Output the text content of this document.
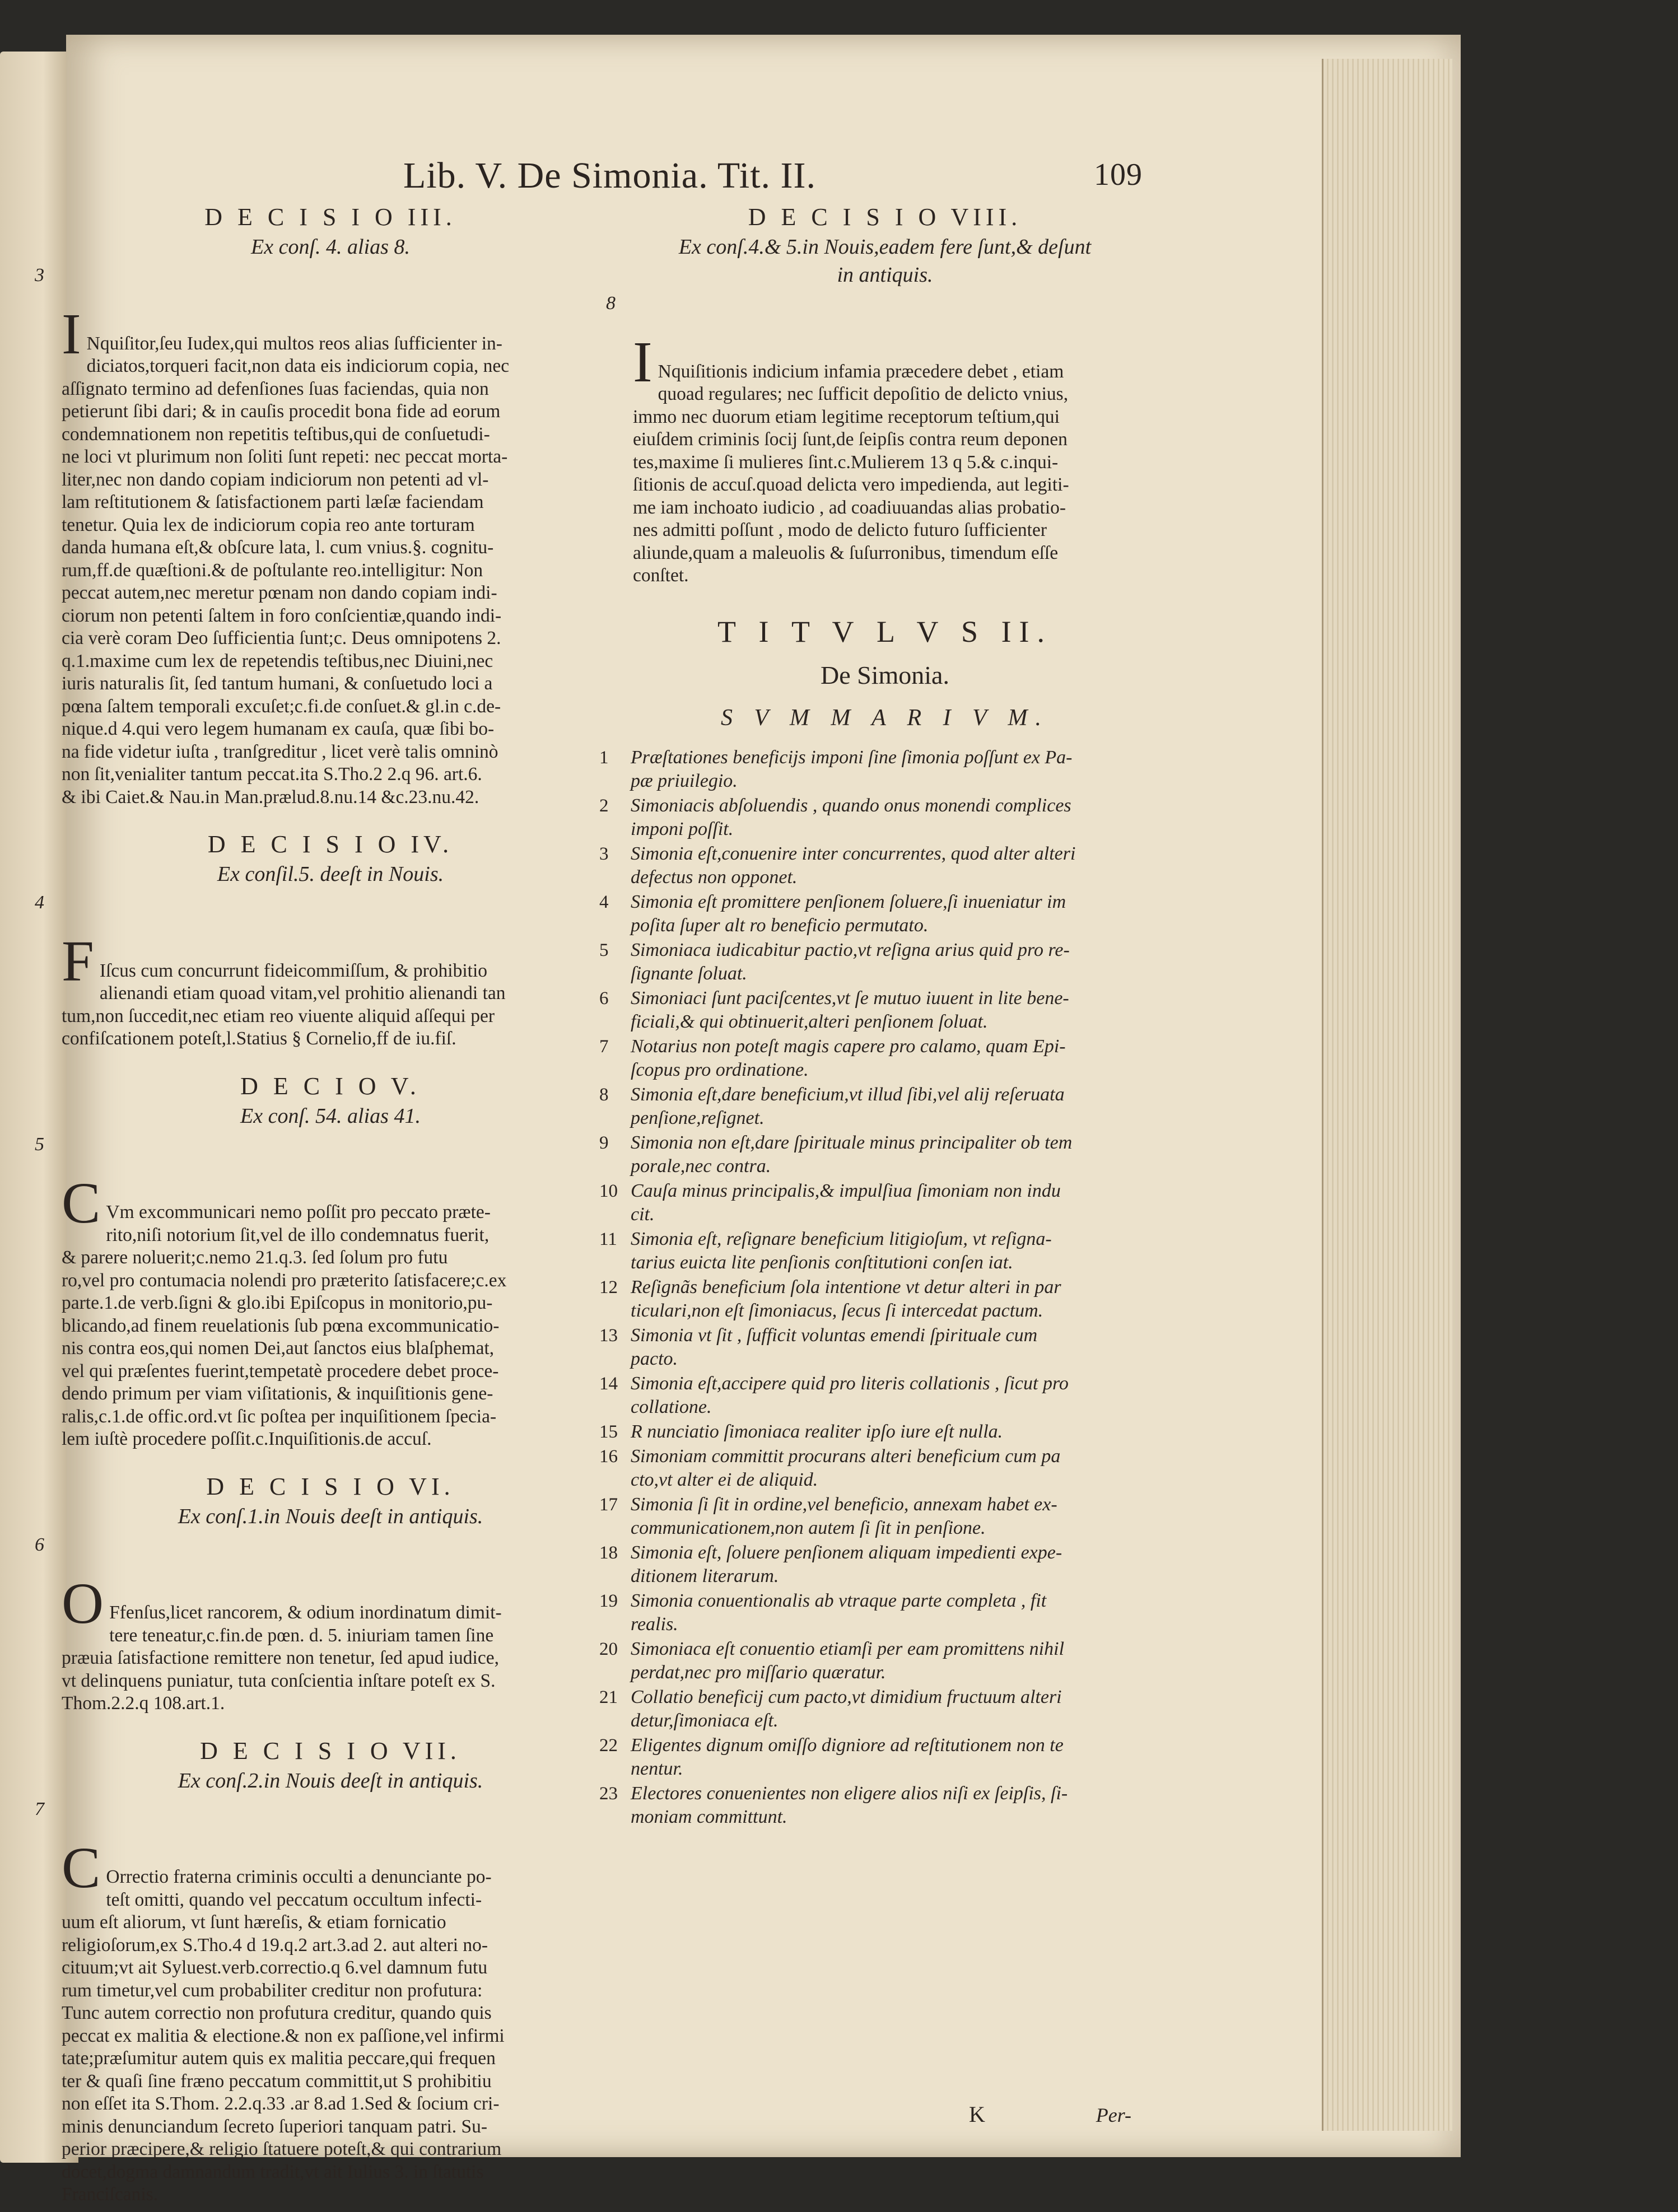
Lib. V. De Simonia. Tit. II.	109

D E C I S I O III.

Ex conſ. 4. alias 8.

3

I Nquiſitor,ſeu Iudex,qui multos reos alias ſufficienter in-
diciatos,torqueri facit,non data eis indiciorum copia, nec
aſſignato termino ad defenſiones ſuas faciendas, quia non
petierunt ſibi dari; & in cauſis procedit bona fide ad eorum
condemnationem non repetitis teſtibus,qui de conſuetudi-
ne loci vt plurimum non ſoliti ſunt repeti: nec peccat morta-
liter,nec non dando copiam indiciorum non petenti ad vl-
lam reſtitutionem & ſatisfactionem parti læſæ faciendam
tenetur. Quia lex de indiciorum copia reo ante torturam
danda humana eſt,& obſcure lata, l. cum vnius.§. cognitu-
rum,ff.de quæſtioni.& de poſtulante reo.intelligitur: Non
peccat autem,nec meretur pœnam non dando copiam indi-
ciorum non petenti ſaltem in foro conſcientiæ,quando indi-
cia verè coram Deo ſufficientia ſunt;c. Deus omnipotens 2.
q.1.maxime cum lex de repetendis teſtibus,nec Diuini,nec
iuris naturalis ſit, ſed tantum humani, & conſuetudo loci a
pœna ſaltem temporali excuſet;c.fi.de conſuet.& gl.in c.de-
nique.d 4.qui vero legem humanam ex cauſa, quæ ſibi bo-
na fide videtur iuſta , tranſgreditur , licet verè talis omninò
non ſit,venialiter tantum peccat.ita S.Tho.2 2.q 96. art.6.
& ibi Caiet.& Nau.in Man.prælud.8.nu.14 &c.23.nu.42.

D E C I S I O IV.

Ex conſil.5. deeſt in Nouis.

4

F Iſcus cum concurrunt fideicommiſſum, & prohibitio
alienandi etiam quoad vitam,vel prohitio alienandi tan
tum,non ſuccedit,nec etiam reo viuente aliquid aſſequi per
confiſcationem poteſt,l.Statius § Cornelio,ff de iu.fiſ.

D E C I O V.

Ex conſ. 54. alias 41.

5

C Vm excommunicari nemo poſſit pro peccato præte-
rito,niſi notorium ſit,vel de illo condemnatus fuerit,
& parere noluerit;c.nemo 21.q.3. ſed ſolum pro futu
ro,vel pro contumacia nolendi pro præterito ſatisfacere;c.ex
parte.1.de verb.ſigni & glo.ibi Epiſcopus in monitorio,pu-
blicando,ad finem reuelationis ſub pœna excommunicatio-
nis contra eos,qui nomen Dei,aut ſanctos eius blaſphemat,
vel qui præſentes fuerint,tempetatè procedere debet proce-
dendo primum per viam viſitationis, & inquiſitionis gene-
ralis,c.1.de offic.ord.vt ſic poſtea per inquiſitionem ſpecia-
lem iuſtè procedere poſſit.c.Inquiſitionis.de accuſ.

D E C I S I O VI.

Ex conſ.1.in Nouis deeſt in antiquis.

6

O Ffenſus,licet rancorem, & odium inordinatum dimit-
tere teneatur,c.fin.de pœn. d. 5. iniuriam tamen ſine
præuia ſatisfactione remittere non tenetur, ſed apud iudice,
vt delinquens puniatur, tuta conſcientia inſtare poteſt ex S.
Thom.2.2.q 108.art.1.

D E C I S I O VII.

Ex conſ.2.in Nouis deeſt in antiquis.

7

C Orrectio fraterna criminis occulti a denunciante po-
teſt omitti, quando vel peccatum occultum infecti-
uum eſt aliorum, vt ſunt hæreſis, & etiam fornicatio
religioſorum,ex S.Tho.4 d 19.q.2 art.3.ad 2. aut alteri no-
cituum;vt ait Syluest.verb.correctio.q 6.vel damnum futu
rum timetur,vel cum probabiliter creditur non profutura:
Tunc autem correctio non profutura creditur, quando quis
peccat ex malitia & electione.& non ex paſſione,vel infirmi
tate;præſumitur autem quis ex malitia peccare,qui frequen
ter & quaſi ſine fræno peccatum committit,ut S prohibitiu
non eſſet ita S.Thom. 2.2.q.33 .ar 8.ad 1.Sed & ſocium cri-
minis denunciandum ſecreto ſuperiori tanquam patri. Su-
perior præcipere,& religio ſtatuere poteſt,& qui contrarium
docet,dogma damnandum tradit,vt ait Iulius 3. in ſtatutis
Franciſcanis.

D E C I S I O VIII.

Ex conſ.4.& 5.in Nouis,eadem fere ſunt,& deſunt
in antiquis.

8

I Nquiſitionis indicium infamia præcedere debet , etiam
quoad regulares; nec ſufficit depoſitio de delicto vnius,
immo nec duorum etiam legitime receptorum teſtium,qui
eiuſdem criminis ſocij ſunt,de ſeipſis contra reum deponen
tes,maxime ſi mulieres ſint.c.Mulierem 13 q 5.& c.inqui-
ſitionis de accuſ.quoad delicta vero impedienda, aut legiti-
me iam inchoato iudicio , ad coadiuuandas alias probatio-
nes admitti poſſunt , modo de delicto futuro ſufficienter
aliunde,quam a maleuolis & ſuſurronibus, timendum eſſe
conſtet.

T I T V L V S II.

De Simonia.

S V M M A R I V M.

1	Præſtationes beneficijs imponi ſine ſimonia poſſunt ex Pa-
pæ priuilegio.
2	Simoniacis abſoluendis , quando onus monendi complices
imponi poſſit.
3	Simonia eſt,conuenire inter concurrentes, quod alter alteri
defectus non opponet.
4	Simonia eſt promittere penſionem ſoluere,ſi inueniatur im
poſita ſuper alt ro beneficio permutato.
5	Simoniaca iudicabitur pactio,vt reſigna arius quid pro re-
ſignante ſoluat.
6	Simoniaci ſunt paciſcentes,vt ſe mutuo iuuent in lite bene-
ficiali,& qui obtinuerit,alteri penſionem ſoluat.
7	Notarius non poteſt magis capere pro calamo, quam Epi-
ſcopus pro ordinatione.
8	Simonia eſt,dare beneficium,vt illud ſibi,vel alij reſeruata
penſione,reſignet.
9	Simonia non eſt,dare ſpirituale minus principaliter ob tem
porale,nec contra.
10 Cauſa minus principalis,& impulſiua ſimoniam non indu
cit.
11 Simonia eſt, reſignare beneficium litigioſum, vt reſigna-
tarius euicta lite penſionis conſtitutioni conſen iat.
12 Reſignãs beneficium ſola intentione vt detur alteri in par
ticulari,non eſt ſimoniacus, ſecus ſi intercedat pactum.
13 Simonia vt ſit , ſufficit voluntas emendi ſpirituale cum
pacto.
14 Simonia eſt,accipere quid pro literis collationis , ſicut pro
collatione.
15 R nunciatio ſimoniaca realiter ipſo iure eſt nulla.
16 Simoniam committit procurans alteri beneficium cum pa
cto,vt alter ei de aliquid.
17 Simonia ſi ſit in ordine,vel beneficio, annexam habet ex-
communicationem,non autem ſi ſit in penſione.
18 Simonia eſt, ſoluere penſionem aliquam impedienti expe-
ditionem literarum.
19 Simonia conuentionalis ab vtraque parte completa , fit
realis.
20 Simoniaca eſt conuentio etiamſi per eam promittens nihil
perdat,nec pro miſſario quæratur.
21 Collatio beneficij cum pacto,vt dimidium fructuum alteri
detur,ſimoniaca eſt.
22 Eligentes dignum omiſſo digniore ad reſtitutionem non te
nentur.
23 Electores conuenientes non eligere alios niſi ex ſeipſis, ſi-
moniam committunt.
K	Per-
